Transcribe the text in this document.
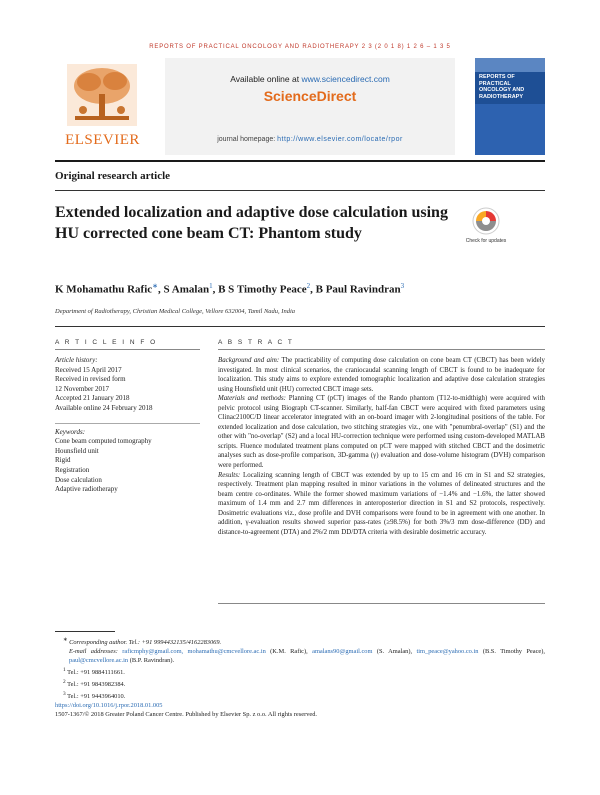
REPORTS OF PRACTICAL ONCOLOGY AND RADIOTHERAPY 2 3 (2 0 1 8) 1 2 6 – 1 3 5
ELSEVIER
Available online at www.sciencedirect.com
ScienceDirect
journal homepage: http://www.elsevier.com/locate/rpor
REPORTS OF PRACTICAL ONCOLOGY AND RADIOTHERAPY
Original research article
Extended localization and adaptive dose calculation using HU corrected cone beam CT: Phantom study	Check for updates
K Mohamathu Rafic∗, S Amalan$^1$, B S Timothy Peace$^2$, B Paul Ravindran$^3$
Department of Radiotherapy, Christian Medical College, Vellore 632004, Tamil Nadu, India
A R T I C L E I N F O	A B S T R A C T
Article history:
Received 15 April 2017
Received in revised form
12 November 2017
Accepted 21 January 2018
Available online 24 February 2018
Keywords:
Cone beam computed tomography
Hounsfield unit
Rigid
Registration
Dose calculation
Adaptive radiotherapy

Background and aim: The practicability of computing dose calculation on cone beam CT (CBCT) has been widely investigated. In most clinical scenarios, the craniocaudal scanning length of CBCT is found to be inadequate for localization. This study aims to explore extended tomographic localization and adaptive dose calculation strategies using Hounsfield unit (HU) corrected CBCT image sets.

Materials and methods: Planning CT (pCT) images of the Rando phantom (T12-to-midthigh) were acquired with pelvic protocol using Biograph CT-scanner. Similarly, half-fan CBCT were acquired with fixed parameters using Clinac2100C/D linear accelerator integrated with an on-board imager with 2-longitudinal positions of the table. For extended localization and dose calculation, two stitching strategies viz., one with "penumbral-overlap" (S1) and the other with "no-overlap" (S2) and a local HU-correction technique were performed using custom-developed MATLAB scripts. Fluence modulated treatment plans computed on pCT were mapped with stitched CBCT and the dosimetric analyses such as dose-profile comparison, 3D-gamma (γ) evaluation and dose-volume histogram (DVH) comparison were performed.

Results: Localizing scanning length of CBCT was extended by up to 15 cm and 16 cm in S1 and S2 strategies, respectively. Treatment plan mapping resulted in minor variations in the volumes of delineated structures and the beam centre co-ordinates. While the former showed maximum variations of −1.4% and −1.6%, the latter showed maximum of 1.4 mm and 2.7 mm differences in anteroposterior direction in S1 and S2 protocols, respectively. Dosimetric evaluations viz., dose profile and DVH comparisons were found to be in agreement with one another. In addition, γ-evaluation results showed superior pass-rates (≥98.5%) for both 3%/3 mm dose-difference (DD) and distance-to-agreement (DTA) and 2%/2 mm DD/DTA criteria with desirable dosimetric accuracy.

∗ Corresponding author. Tel.: +91 9994432135/4162283069.
E-mail addresses: raficmphy@gmail.com, mohamathu@cmcvellore.ac.in (K.M. Rafic), amalans90@gmail.com (S. Amalan), tim_peace@yahoo.co.in (B.S. Timothy Peace), paul@cmcvellore.ac.in (B.P. Ravindran).
$^1$ Tel.: +91 9884111661.
$^2$ Tel.: +91 9843982384.
$^3$ Tel.: +91 9443964010.
https://doi.org/10.1016/j.rpor.2018.01.005
1507-1367/© 2018 Greater Poland Cancer Centre. Published by Elsevier Sp. z o.o. All rights reserved.
